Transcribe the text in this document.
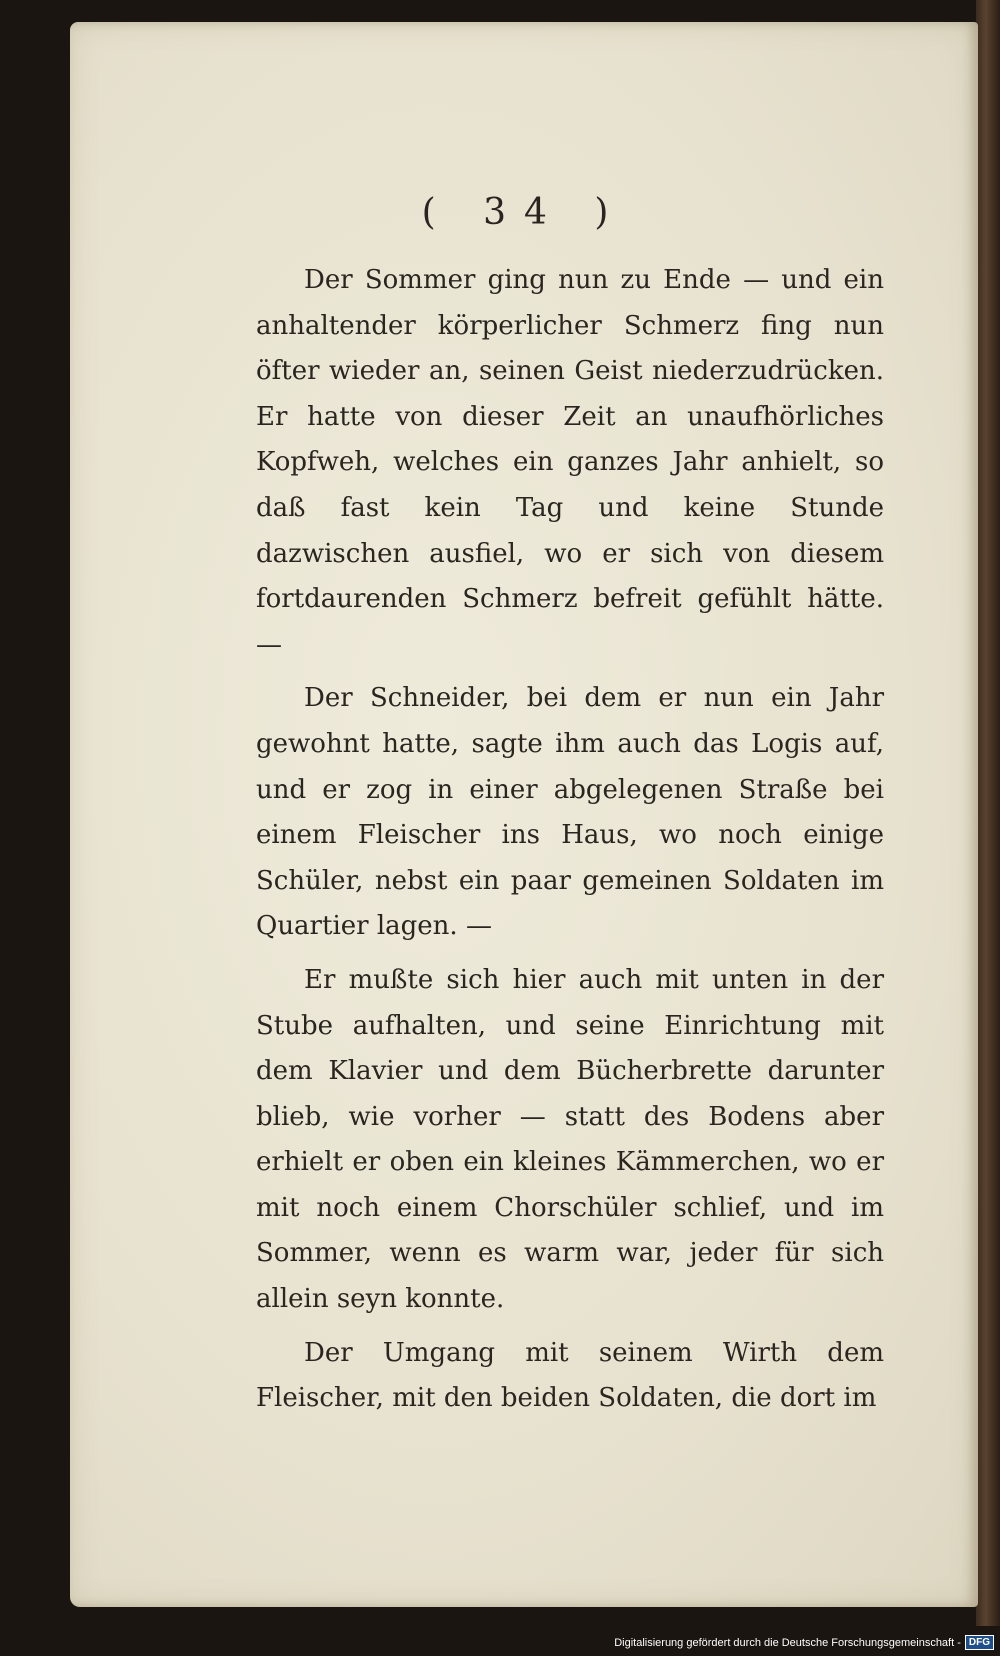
( 34 )

Der Sommer ging nun zu Ende — und ein anhaltender körperlicher Schmerz fing nun öfter wieder an, seinen Geist niederzudrücken. Er hatte von dieser Zeit an unaufhörliches Kopfweh, welches ein ganzes Jahr anhielt, so daß fast kein Tag und keine Stunde dazwischen ausfiel, wo er sich von diesem fortdaurenden Schmerz befreit gefühlt hätte. —

Der Schneider, bei dem er nun ein Jahr gewohnt hatte, sagte ihm auch das Logis auf, und er zog in einer abgelegenen Straße bei einem Fleischer ins Haus, wo noch einige Schüler, nebst ein paar gemeinen Soldaten im Quartier lagen. —

Er mußte sich hier auch mit unten in der Stube aufhalten, und seine Einrichtung mit dem Klavier und dem Bücherbrette darunter blieb, wie vorher — statt des Bodens aber erhielt er oben ein kleines Kämmerchen, wo er mit noch einem Chorschüler schlief, und im Sommer, wenn es warm war, jeder für sich allein seyn konnte.

Der Umgang mit seinem Wirth dem Fleischer, mit den beiden Soldaten, die dort im

Digitalisierung gefördert durch die Deutsche Forschungsgemeinschaft - DFG
